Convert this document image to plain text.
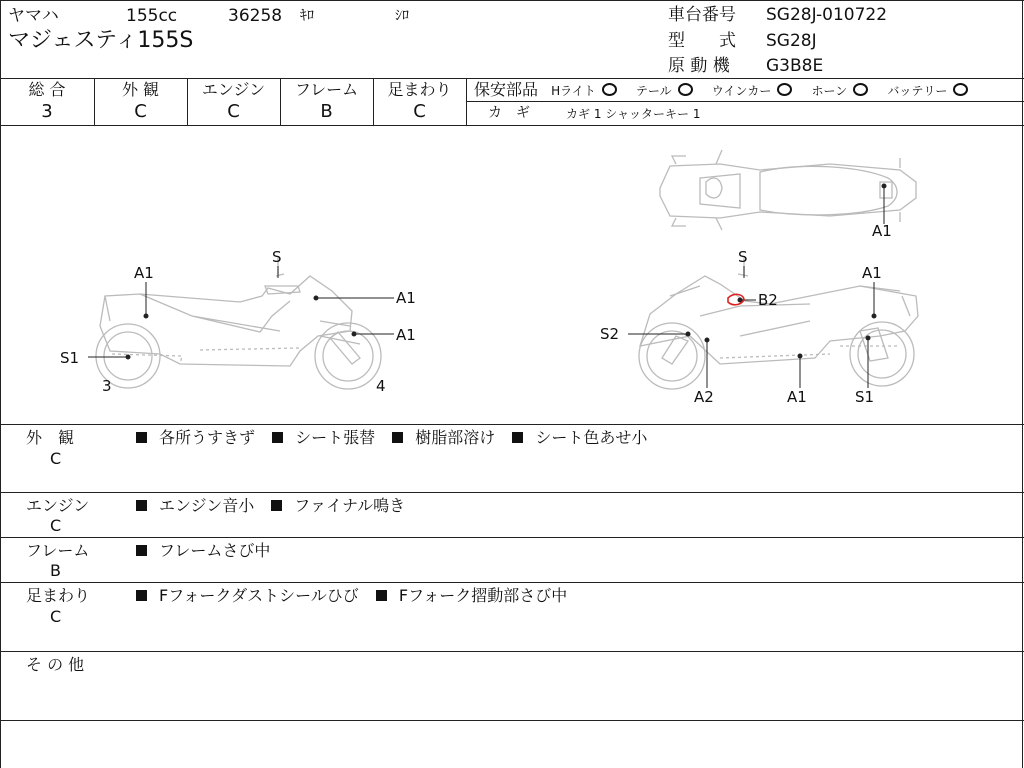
ヤマハ	155cc	36258 ｷﾛ	ｼﾛ
マジェスティ155S
車台番号 SG28J-010722
型　　式 SG28J
原 動 機 G3B8E
総 合
3
外 観
C
エンジン
C
フレーム
B
足まわり
C
保安部品 Hライト	テール	ウインカー	ホーン	バッテリー
カ　ギ	カギ 1 シャッターキー 1
A1
S
A1
A1
S1
3	4
A1
S
A1
B2
S2
A2	A1	S1
外　観
C
各所うすきず	シート張替	樹脂部溶け	シート色あせ小
エンジン
C
エンジン音小	ファイナル鳴き
フレーム
B
フレームさび中
足まわり
C
Fフォークダストシールひび	Fフォーク摺動部さび中
そ の 他
